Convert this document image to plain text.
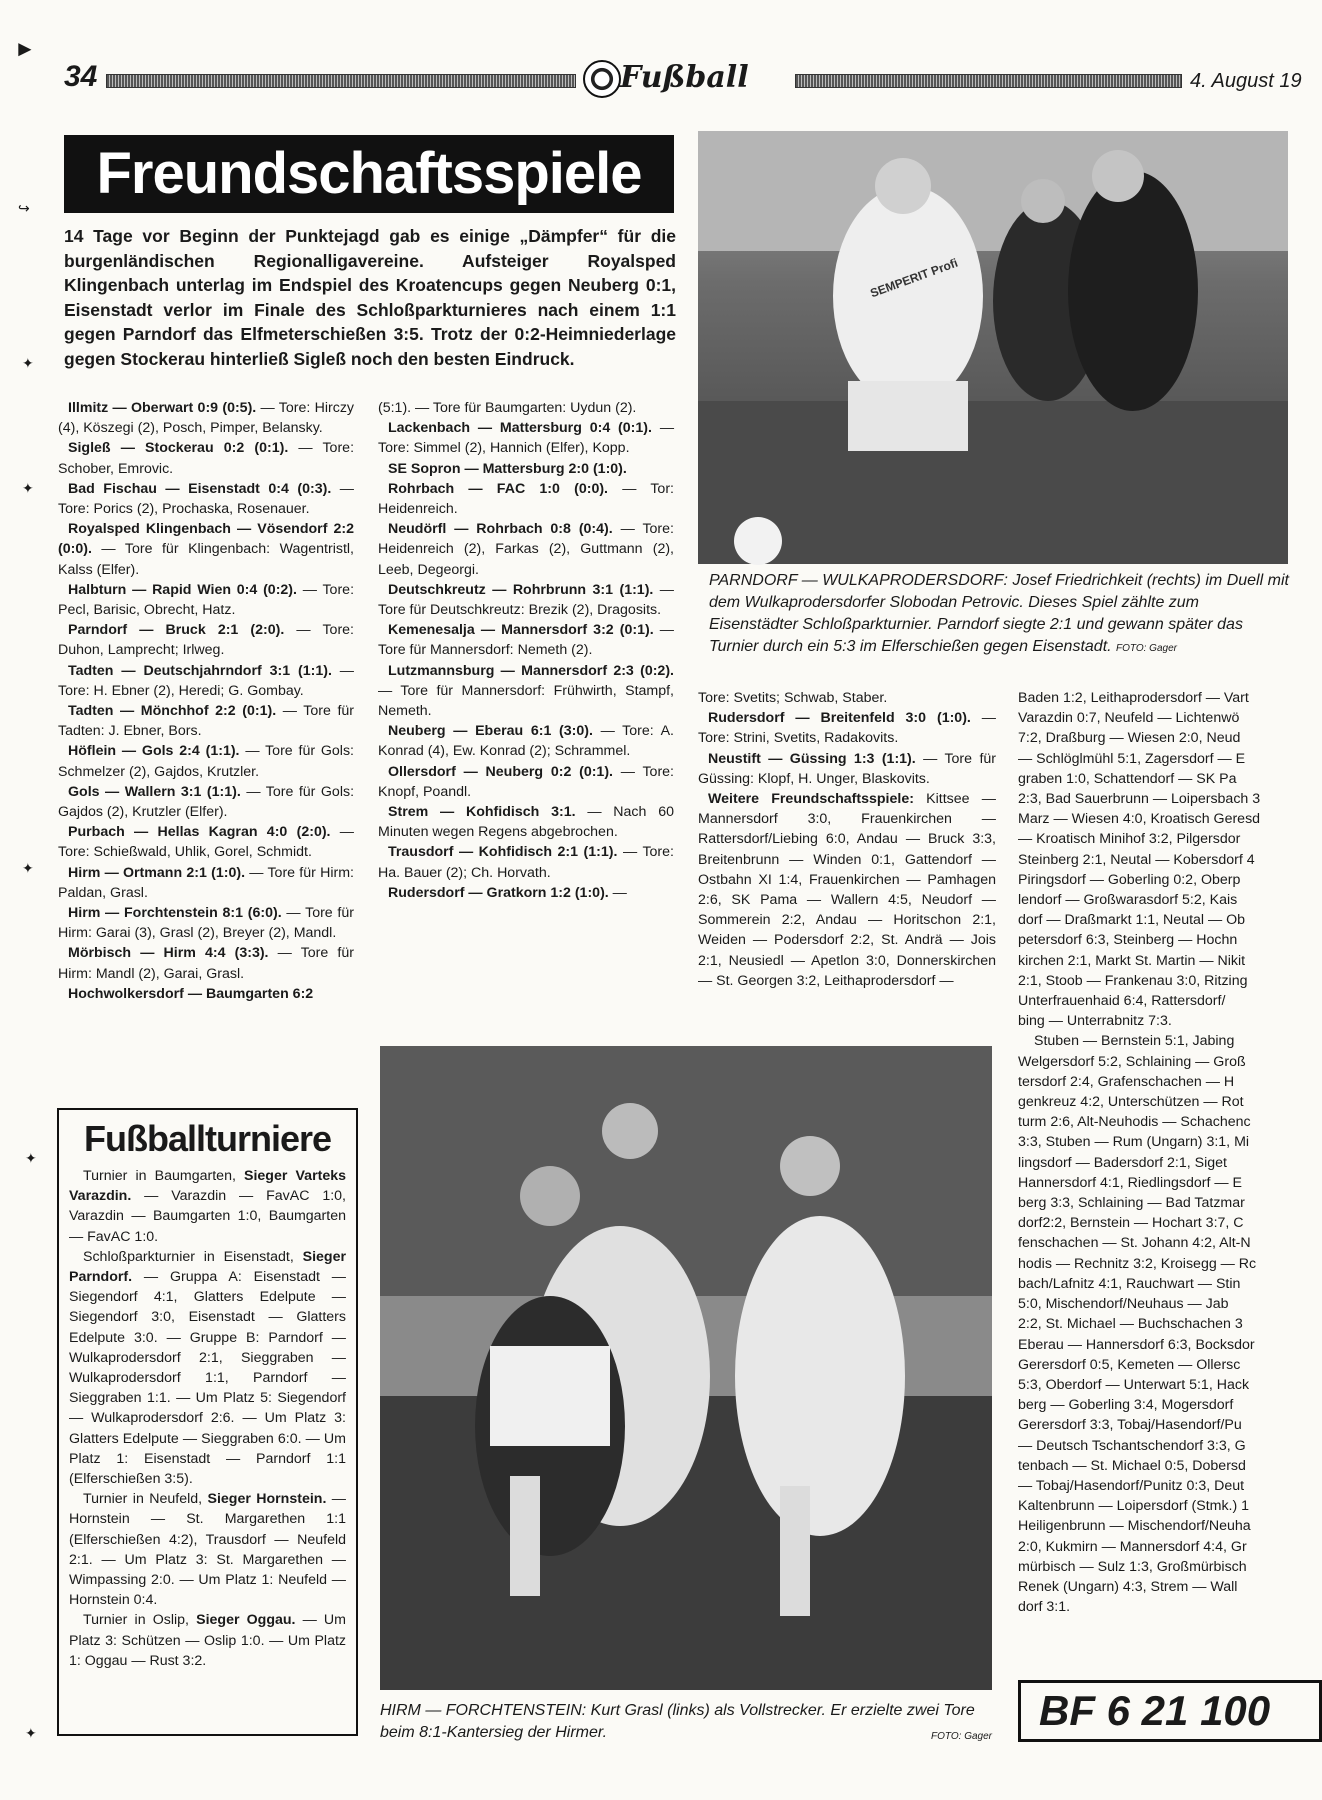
►
34	Fußball	4. August 19
Freundschaftsspiele
14 Tage vor Beginn der Punktejagd gab es einige „Dämpfer“ für die burgenländischen Regionalligavereine. Aufsteiger Royalsped Klingenbach unterlag im Endspiel des Kroatencups gegen Neuberg 0:1, Eisenstadt verlor im Finale des Schloßparkturnieres nach einem 1:1 gegen Parndorf das Elfmeterschießen 3:5. Trotz der 0:2-Heimniederlage gegen Stockerau hinterließ Sigleß noch den besten Eindruck.

Illmitz — Oberwart 0:9 (0:5). — Tore: Hirczy (4), Köszegi (2), Posch, Pimper, Belansky.

Sigleß — Stockerau 0:2 (0:1). — Tore: Schober, Emrovic.

Bad Fischau — Eisenstadt 0:4 (0:3). — Tore: Porics (2), Prochaska, Rosenauer.

Royalsped Klingenbach — Vösendorf 2:2 (0:0). — Tore für Klingenbach: Wagentristl, Kalss (Elfer).

Halbturn — Rapid Wien 0:4 (0:2). — Tore: Pecl, Barisic, Obrecht, Hatz.

Parndorf — Bruck 2:1 (2:0). — Tore: Duhon, Lamprecht; Irlweg.

Tadten — Deutschjahrndorf 3:1 (1:1). — Tore: H. Ebner (2), Heredi; G. Gombay.

Tadten — Mönchhof 2:2 (0:1). — Tore für Tadten: J. Ebner, Bors.

Höflein — Gols 2:4 (1:1). — Tore für Gols: Schmelzer (2), Gajdos, Krutzler.

Gols — Wallern 3:1 (1:1). — Tore für Gols: Gajdos (2), Krutzler (Elfer).

Purbach — Hellas Kagran 4:0 (2:0). — Tore: Schießwald, Uhlik, Gorel, Schmidt.

Hirm — Ortmann 2:1 (1:0). — Tore für Hirm: Paldan, Grasl.

Hirm — Forchtenstein 8:1 (6:0). — Tore für Hirm: Garai (3), Grasl (2), Breyer (2), Mandl.

Mörbisch — Hirm 4:4 (3:3). — Tore für Hirm: Mandl (2), Garai, Grasl.

Hochwolkersdorf — Baumgarten 6:2

(5:1). — Tore für Baumgarten: Uydun (2).

Lackenbach — Mattersburg 0:4 (0:1). — Tore: Simmel (2), Hannich (Elfer), Kopp.

SE Sopron — Mattersburg 2:0 (1:0).

Rohrbach — FAC 1:0 (0:0). — Tor: Heidenreich.

Neudörfl — Rohrbach 0:8 (0:4). — Tore: Heidenreich (2), Farkas (2), Guttmann (2), Leeb, Degeorgi.

Deutschkreutz — Rohrbrunn 3:1 (1:1). — Tore für Deutschkreutz: Brezik (2), Dragosits.

Kemenesalja — Mannersdorf 3:2 (0:1). — Tore für Mannersdorf: Nemeth (2).

Lutzmannsburg — Mannersdorf 2:3 (0:2). — Tore für Mannersdorf: Frühwirth, Stampf, Nemeth.

Neuberg — Eberau 6:1 (3:0). — Tore: A. Konrad (4), Ew. Konrad (2); Schrammel.

Ollersdorf — Neuberg 0:2 (0:1). — Tore: Knopf, Poandl.

Strem — Kohfidisch 3:1. — Nach 60 Minuten wegen Regens abgebrochen.

Trausdorf — Kohfidisch 2:1 (1:1). — Tore: Ha. Bauer (2); Ch. Horvath.

Rudersdorf — Gratkorn 1:2 (1:0). —

SEMPERIT Profi
PARNDORF — WULKAPRODERSDORF: Josef Friedrichkeit (rechts) im Duell mit dem Wulkaprodersdorfer Slobodan Petrovic. Dieses Spiel zählte zum Eisenstädter Schloßparkturnier. Parndorf siegte 2:1 und gewann später das Turnier durch ein 5:3 im Elferschießen gegen Eisenstadt. FOTO: Gager

Tore: Svetits; Schwab, Staber.

Rudersdorf — Breitenfeld 3:0 (1:0). — Tore: Strini, Svetits, Radakovits.

Neustift — Güssing 1:3 (1:1). — Tore für Güssing: Klopf, H. Unger, Blaskovits.

Weitere Freundschaftsspiele: Kittsee — Mannersdorf 3:0, Frauenkirchen — Rattersdorf/Liebing 6:0, Andau — Bruck 3:3, Breitenbrunn — Winden 0:1, Gattendorf — Ostbahn XI 1:4, Frauenkirchen — Pamhagen 2:6, SK Pama — Wallern 4:5, Neudorf — Sommerein 2:2, Andau — Horitschon 2:1, Weiden — Podersdorf 2:2, St. Andrä — Jois 2:1, Neusiedl — Apetlon 3:0, Donnerskirchen — St. Georgen 3:2, Leithaprodersdorf —

Baden 1:2, Leithaprodersdorf — Vart
Varazdin 0:7, Neufeld — Lichtenwö
7:2, Draßburg — Wiesen 2:0, Neud
— Schlöglmühl 5:1, Zagersdorf — E
graben 1:0, Schattendorf — SK Pa
2:3, Bad Sauerbrunn — Loipersbach 3
Marz — Wiesen 4:0, Kroatisch Geresd
— Kroatisch Minihof 3:2, Pilgersdor
Steinberg 2:1, Neutal — Kobersdorf 4
Piringsdorf — Goberling 0:2, Oberp
lendorf — Großwarasdorf 5:2, Kais
dorf — Draßmarkt 1:1, Neutal — Ob
petersdorf 6:3, Steinberg — Hochn
kirchen 2:1, Markt St. Martin — Nikit
2:1, Stoob — Frankenau 3:0, Ritzing
Unterfrauenhaid 6:4, Rattersdorf/
bing — Unterrabnitz 7:3.
Stuben — Bernstein 5:1, Jabing
Welgersdorf 5:2, Schlaining — Groß
tersdorf 2:4, Grafenschachen — H
genkreuz 4:2, Unterschützen — Rot
turm 2:6, Alt-Neuhodis — Schachenc
3:3, Stuben — Rum (Ungarn) 3:1, Mi
lingsdorf — Badersdorf 2:1, Siget
Hannersdorf 4:1, Riedlingsdorf — E
berg 3:3, Schlaining — Bad Tatzmar
dorf2:2, Bernstein — Hochart 3:7, C
fenschachen — St. Johann 4:2, Alt-N
hodis — Rechnitz 3:2, Kroisegg — Rc
bach/Lafnitz 4:1, Rauchwart — Stin
5:0, Mischendorf/Neuhaus — Jab
2:2, St. Michael — Buchschachen 3
Eberau — Hannersdorf 6:3, Bocksdor
Gerersdorf 0:5, Kemeten — Ollersc
5:3, Oberdorf — Unterwart 5:1, Hack
berg — Goberling 3:4, Mogersdorf
Gerersdorf 3:3, Tobaj/Hasendorf/Pu
— Deutsch Tschantschendorf 3:3, G
tenbach — St. Michael 0:5, Dobersd
— Tobaj/Hasendorf/Punitz 0:3, Deut
Kaltenbrunn — Loipersdorf (Stmk.) 1
Heiligenbrunn — Mischendorf/Neuha
2:0, Kukmirn — Mannersdorf 4:4, Gr
mürbisch — Sulz 1:3, Großmürbisch
Renek (Ungarn) 4:3, Strem — Wall
dorf 3:1.
HIRM — FORCHTENSTEIN: Kurt Grasl (links) als Vollstrecker. Er erzielte zwei Tore beim 8:1-Kantersieg der Hirmer.	FOTO: Gager
Fußballturniere

Turnier in Baumgarten, Sieger Varteks Varazdin. — Varazdin — FavAC 1:0, Varazdin — Baumgarten 1:0, Baumgarten — FavAC 1:0.

Schloßparkturnier in Eisenstadt, Sieger Parndorf. — Gruppa A: Eisenstadt — Siegendorf 4:1, Glatters Edelpute — Siegendorf 3:0, Eisenstadt — Glatters Edelpute 3:0. — Gruppe B: Parndorf — Wulkaprodersdorf 2:1, Sieggraben — Wulkaprodersdorf 1:1, Parndorf — Sieggraben 1:1. — Um Platz 5: Siegendorf — Wulkaprodersdorf 2:6. — Um Platz 3: Glatters Edelpute — Sieggraben 6:0. — Um Platz 1: Eisenstadt — Parndorf 1:1 (Elferschießen 3:5).

Turnier in Neufeld, Sieger Hornstein. — Hornstein — St. Margarethen 1:1 (Elferschießen 4:2), Trausdorf — Neufeld 2:1. — Um Platz 3: St. Margarethen — Wimpassing 2:0. — Um Platz 1: Neufeld — Hornstein 0:4.

Turnier in Oslip, Sieger Oggau. — Um Platz 3: Schützen — Oslip 1:0. — Um Platz 1: Oggau — Rust 3:2.

BF 6 21 100
↪
✦
✦
✦
✦
✦
